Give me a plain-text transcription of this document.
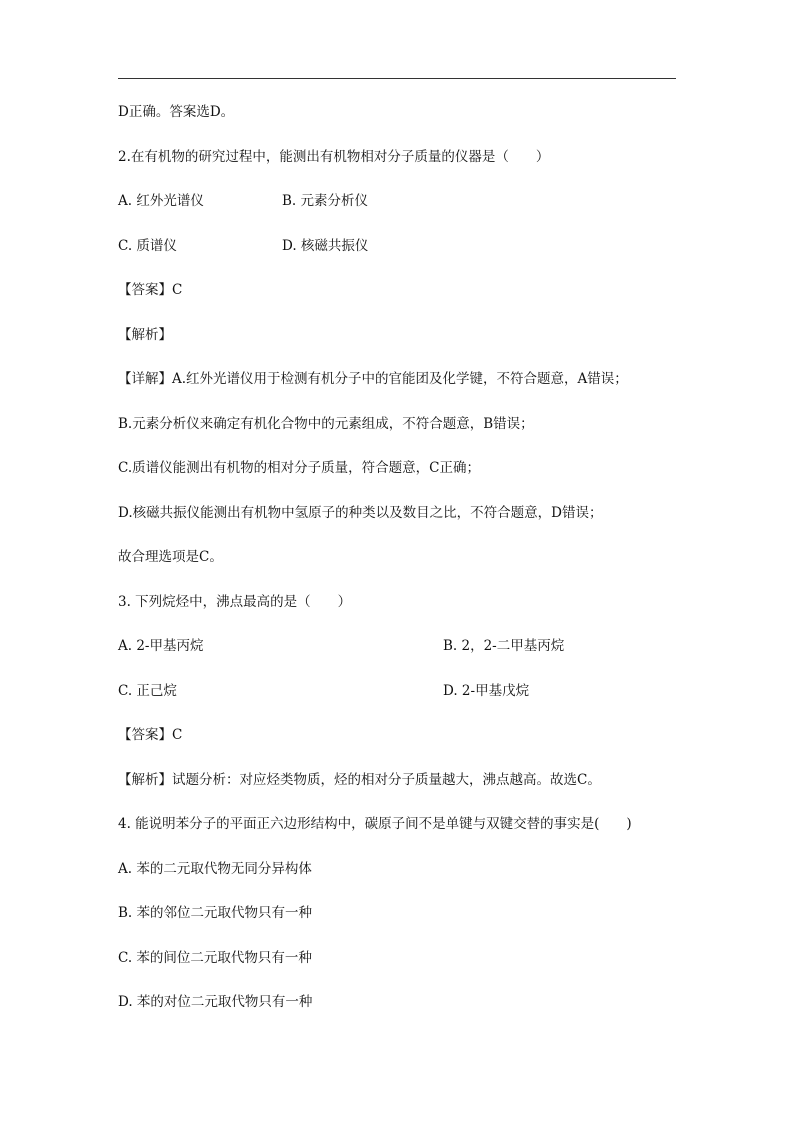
D正确。答案选D。
2.在有机物的研究过程中，能测出有机物相对分子质量的仪器是（　　）
A. 红外光谱仪	B. 元素分析仪
C. 质谱仪	D. 核磁共振仪
【答案】C
【解析】
【详解】A.红外光谱仪用于检测有机分子中的官能团及化学键，不符合题意，A错误；
B.元素分析仪来确定有机化合物中的元素组成，不符合题意，B错误；
C.质谱仪能测出有机物的相对分子质量，符合题意，C正确；
D.核磁共振仪能测出有机物中氢原子的种类以及数目之比，不符合题意，D错误；
故合理选项是C。
3. 下列烷烃中，沸点最高的是（　　）
A. 2-甲基丙烷	B. 2，2-二甲基丙烷
C. 正己烷	D. 2-甲基戊烷
【答案】C
【解析】试题分析：对应烃类物质，烃的相对分子质量越大，沸点越高。故选C。
4. 能说明苯分子的平面正六边形结构中，碳原子间不是单键与双键交替的事实是(　　)
A. 苯的二元取代物无同分异构体
B. 苯的邻位二元取代物只有一种
C. 苯的间位二元取代物只有一种
D. 苯的对位二元取代物只有一种
